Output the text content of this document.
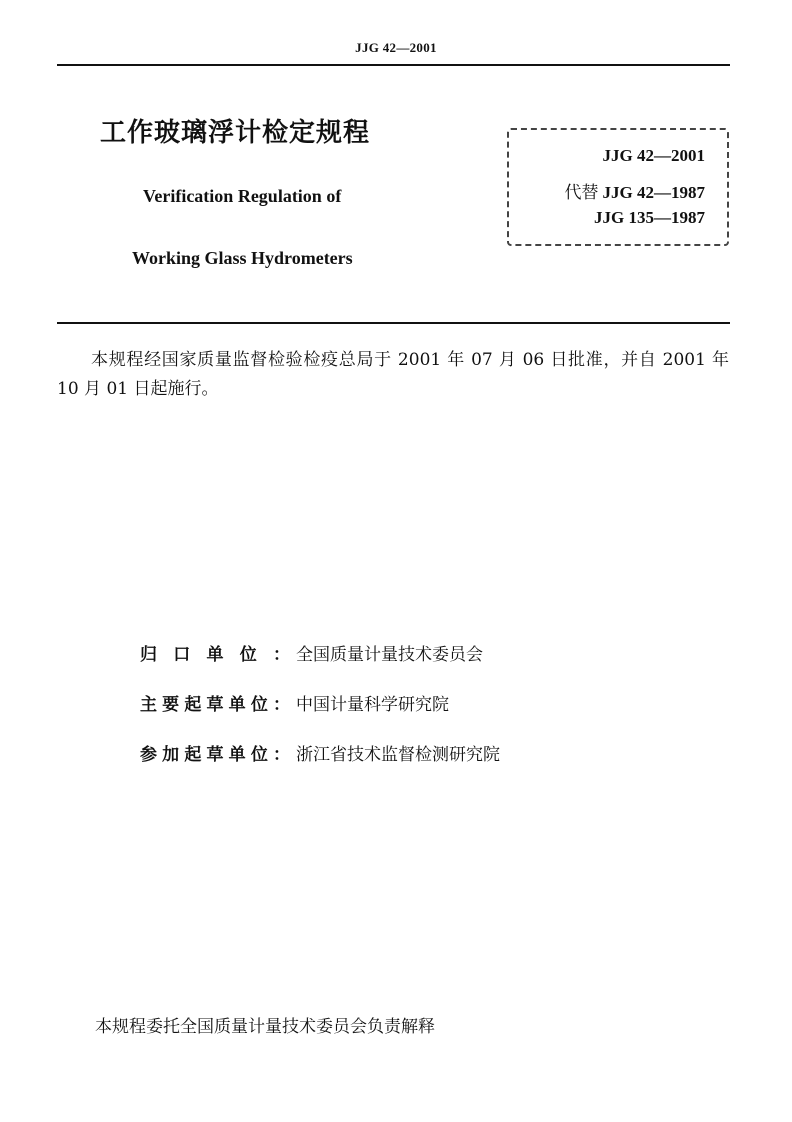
JJG 42—2001
工作玻璃浮计检定规程
Verification Regulation of
Working Glass Hydrometers
JJG 42—2001
代替 JJG 42—1987
JJG 135—1987
本规程经国家质量监督检验检疫总局于 2001 年 07 月 06 日批准，并自 2001 年 10 月 01 日起施行。
归口单位： 全国质量计量技术委员会
主要起草单位： 中国计量科学研究院
参加起草单位： 浙江省技术监督检测研究院
本规程委托全国质量计量技术委员会负责解释
